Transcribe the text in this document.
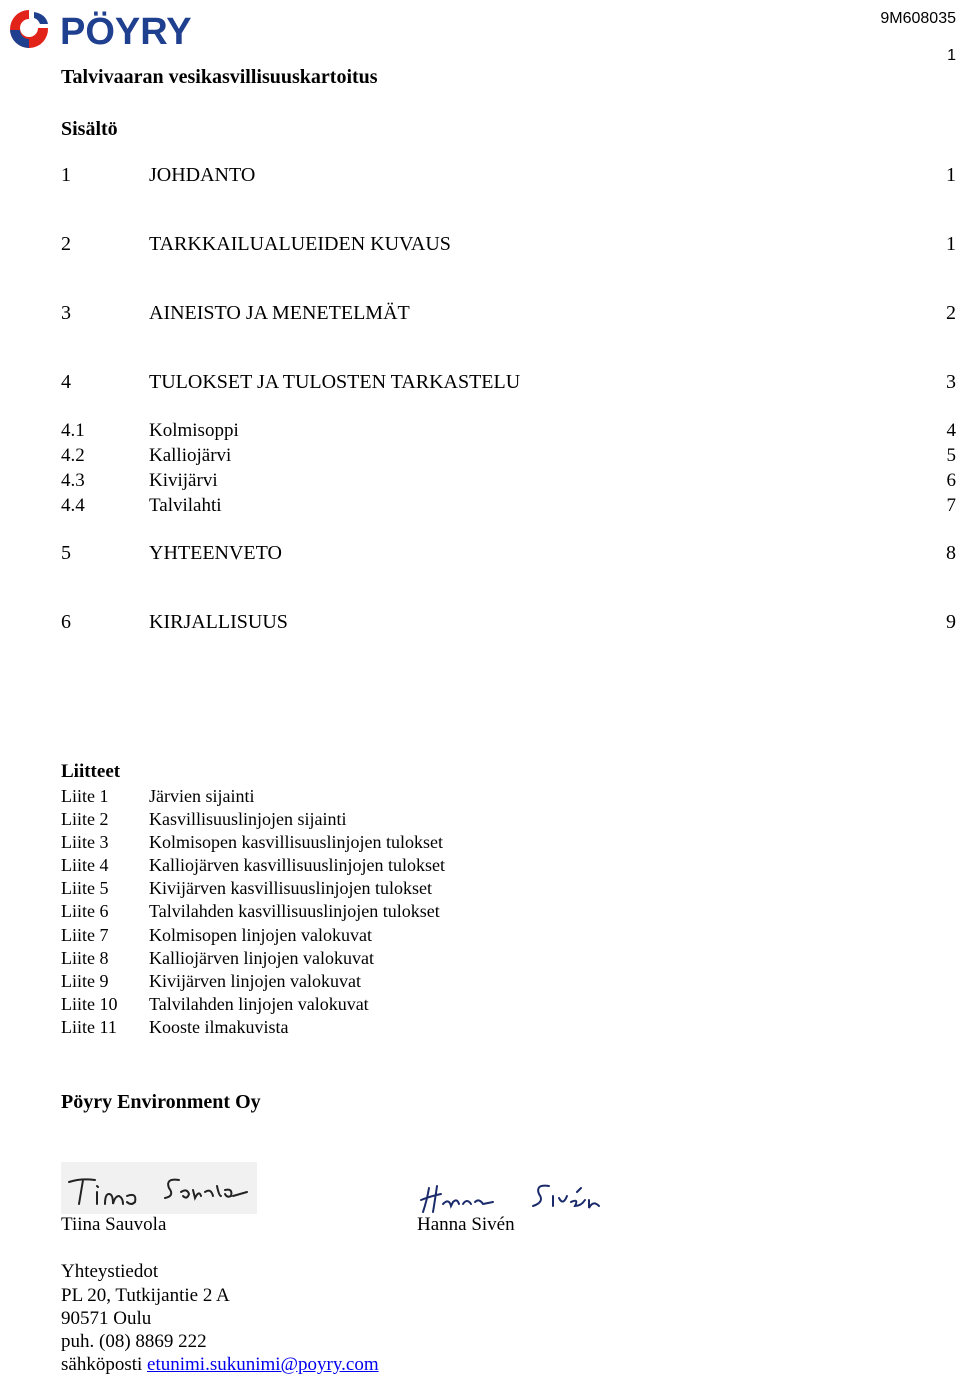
PÖYRY	9M608035
1
Talvivaaran vesikasvillisuuskartoitus
Sisältö
1	JOHDANTO	1
2	TARKKAILUALUEIDEN KUVAUS	1
3	AINEISTO JA MENETELMÄT	2
4	TULOKSET JA TULOSTEN TARKASTELU	3
4.1	Kolmisoppi	4
4.2	Kalliojärvi	5
4.3	Kivijärvi	6
4.4	Talvilahti	7
5	YHTEENVETO	8
6	KIRJALLISUUS	9
Liitteet
Liite 1 Järvien sijainti
Liite 2 Kasvillisuuslinjojen sijainti
Liite 3 Kolmisopen kasvillisuuslinjojen tulokset
Liite 4 Kalliojärven kasvillisuuslinjojen tulokset
Liite 5 Kivijärven kasvillisuuslinjojen tulokset
Liite 6 Talvilahden kasvillisuuslinjojen tulokset
Liite 7 Kolmisopen linjojen valokuvat
Liite 8 Kalliojärven linjojen valokuvat
Liite 9 Kivijärven linjojen valokuvat
Liite 10 Talvilahden linjojen valokuvat
Liite 11 Kooste ilmakuvista
Pöyry Environment Oy
Tiina Sauvola	Hanna Sivén
Yhteystiedot
PL 20, Tutkijantie 2 A
90571 Oulu
puh. (08) 8869 222
sähköposti etunimi.sukunimi@poyry.com
